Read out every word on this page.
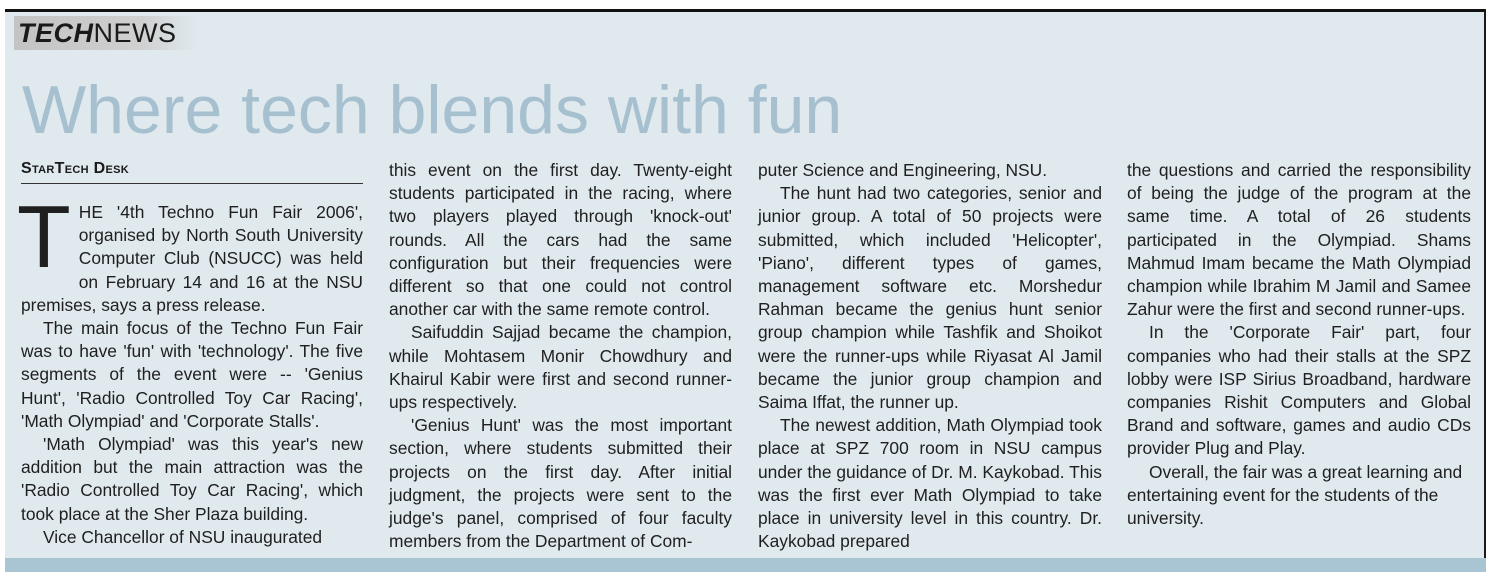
TECHNEWS
Where tech blends with fun
StarTech Desk

THE '4th Techno Fun Fair 2006', organised by North South University Computer Club (NSUCC) was held on February 14 and 16 at the NSU premises, says a press release.

The main focus of the Techno Fun Fair was to have 'fun' with 'technology'. The five segments of the event were -- 'Genius Hunt', 'Radio Controlled Toy Car Racing', 'Math Olympiad' and 'Corporate Stalls'.

'Math Olympiad' was this year's new addition but the main attraction was the 'Radio Controlled Toy Car Racing', which took place at the Sher Plaza building.

Vice Chancellor of NSU inaugurated

this event on the first day. Twenty-eight students participated in the racing, where two players played through 'knock-out' rounds. All the cars had the same configuration but their frequencies were different so that one could not control another car with the same remote control.

Saifuddin Sajjad became the champion, while Mohtasem Monir Chowdhury and Khairul Kabir were first and second runner-ups respectively.

'Genius Hunt' was the most important section, where students submitted their projects on the first day. After initial judgment, the projects were sent to the judge's panel, comprised of four faculty members from the Department of Com-

puter Science and Engineering, NSU.

The hunt had two categories, senior and junior group. A total of 50 projects were submitted, which included 'Helicopter', 'Piano', different types of games, management software etc. Morshedur Rahman became the genius hunt senior group champion while Tashfik and Shoikot were the runner-ups while Riyasat Al Jamil became the junior group champion and Saima Iffat, the runner up.

The newest addition, Math Olympiad took place at SPZ 700 room in NSU campus under the guidance of Dr. M. Kaykobad. This was the first ever Math Olympiad to take place in university level in this country. Dr. Kaykobad prepared

the questions and carried the responsibility of being the judge of the program at the same time. A total of 26 students participated in the Olympiad. Shams Mahmud Imam became the Math Olympiad champion while Ibrahim M Jamil and Samee Zahur were the first and second runner-ups.

In the 'Corporate Fair' part, four companies who had their stalls at the SPZ lobby were ISP Sirius Broadband, hardware companies Rishit Computers and Global Brand and software, games and audio CDs provider Plug and Play.

Overall, the fair was a great learning and entertaining event for the students of the university.
